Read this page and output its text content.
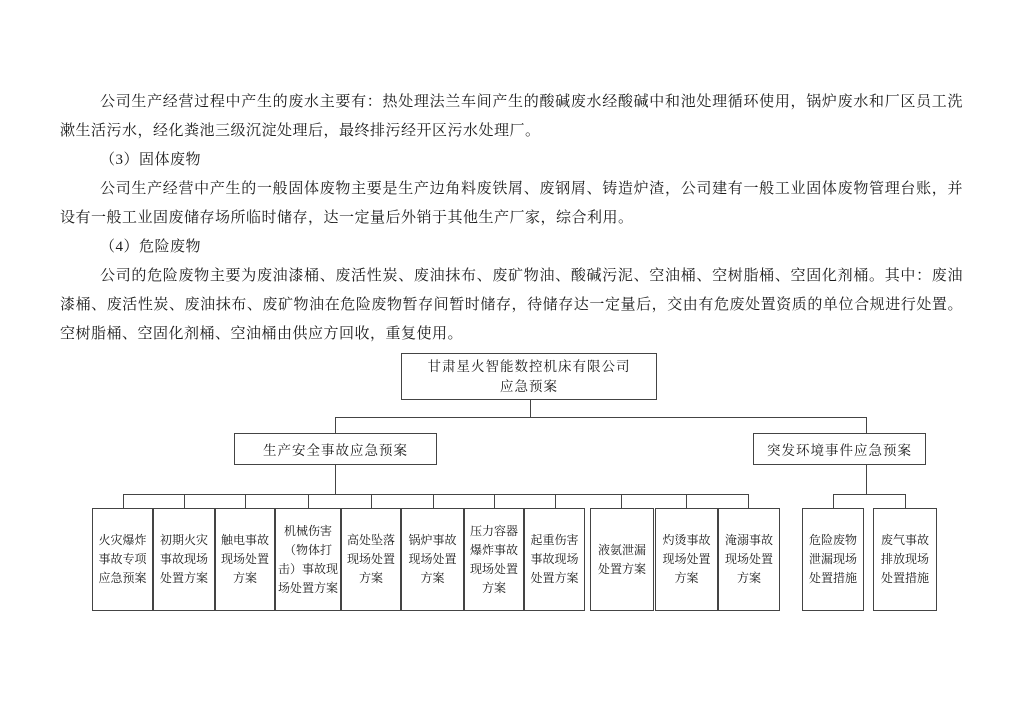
公司生产经营过程中产生的废水主要有：热处理法兰车间产生的酸碱废水经酸碱中和池处理循环使用，锅炉废水和厂区员工洗漱生活污水，经化粪池三级沉淀处理后，最终排污经开区污水处理厂。

（3）固体废物

公司生产经营中产生的一般固体废物主要是生产边角料废铁屑、废钢屑、铸造炉渣，公司建有一般工业固体废物管理台账，并设有一般工业固废储存场所临时储存，达一定量后外销于其他生产厂家，综合利用。

（4）危险废物

公司的危险废物主要为废油漆桶、废活性炭、废油抹布、废矿物油、酸碱污泥、空油桶、空树脂桶、空固化剂桶。其中：废油漆桶、废活性炭、废油抹布、废矿物油在危险废物暂存间暂时储存，待储存达一定量后，交由有危废处置资质的单位合规进行处置。空树脂桶、空固化剂桶、空油桶由供应方回收，重复使用。

甘肃星火智能数控机床有限公司
应急预案
生产安全事故应急预案	突发环境事件应急预案
火灾爆炸事故专项应急预案
初期火灾事故现场处置方案
触电事故现场处置方案
机械伤害（物体打击）事故现场处置方案
高处坠落现场处置方案
锅炉事故现场处置方案
压力容器爆炸事故现场处置方案
起重伤害事故现场处置方案
液氨泄漏处置方案
灼烫事故现场处置方案
淹溺事故现场处置方案
危险废物泄漏现场处置措施
废气事故排放现场处置措施
